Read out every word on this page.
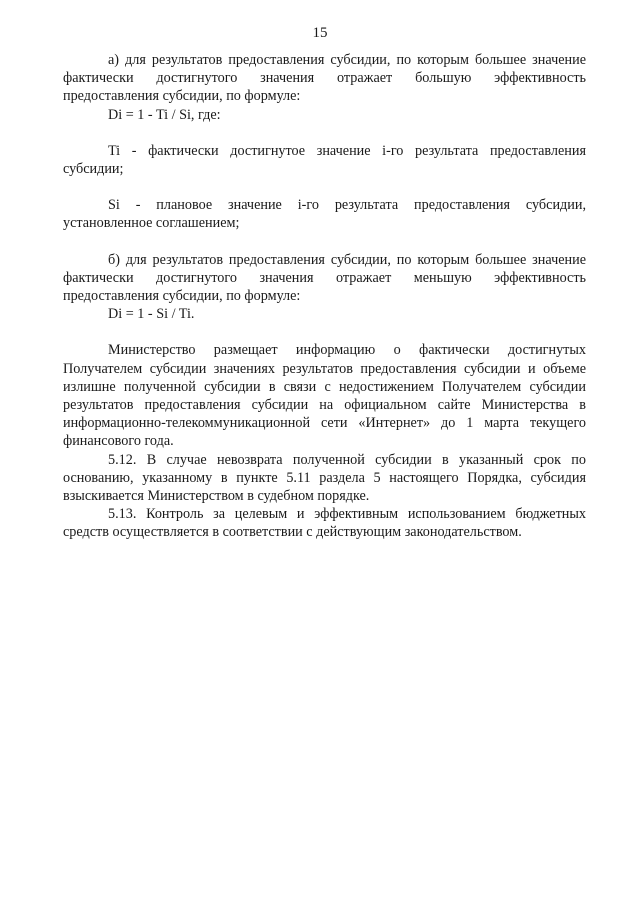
15

а) для результатов предоставления субсидии, по которым большее значение фактически достигнутого значения отражает большую эффективность предоставления субсидии, по формуле:

Di = 1 - Ti / Si, где:

Ti - фактически достигнутое значение i-го результата предоставления субсидии;

Si - плановое значение i-го результата предоставления субсидии, установленное соглашением;

б) для результатов предоставления субсидии, по которым большее значение фактически достигнутого значения отражает меньшую эффективность предоставления субсидии, по формуле:

Di = 1 - Si / Ti.

Министерство размещает информацию о фактически достигнутых Получателем субсидии значениях результатов предоставления субсидии и объеме излишне полученной субсидии в связи с недостижением Получателем субсидии результатов предоставления субсидии на официальном сайте Министерства в информационно-телекоммуникационной сети «Интернет» до 1 марта текущего финансового года.

5.12. В случае невозврата полученной субсидии в указанный срок по основанию, указанному в пункте 5.11 раздела 5 настоящего Порядка, субсидия взыскивается Министерством в судебном порядке.

5.13. Контроль за целевым и эффективным использованием бюджетных средств осуществляется в соответствии с действующим законодательством.
